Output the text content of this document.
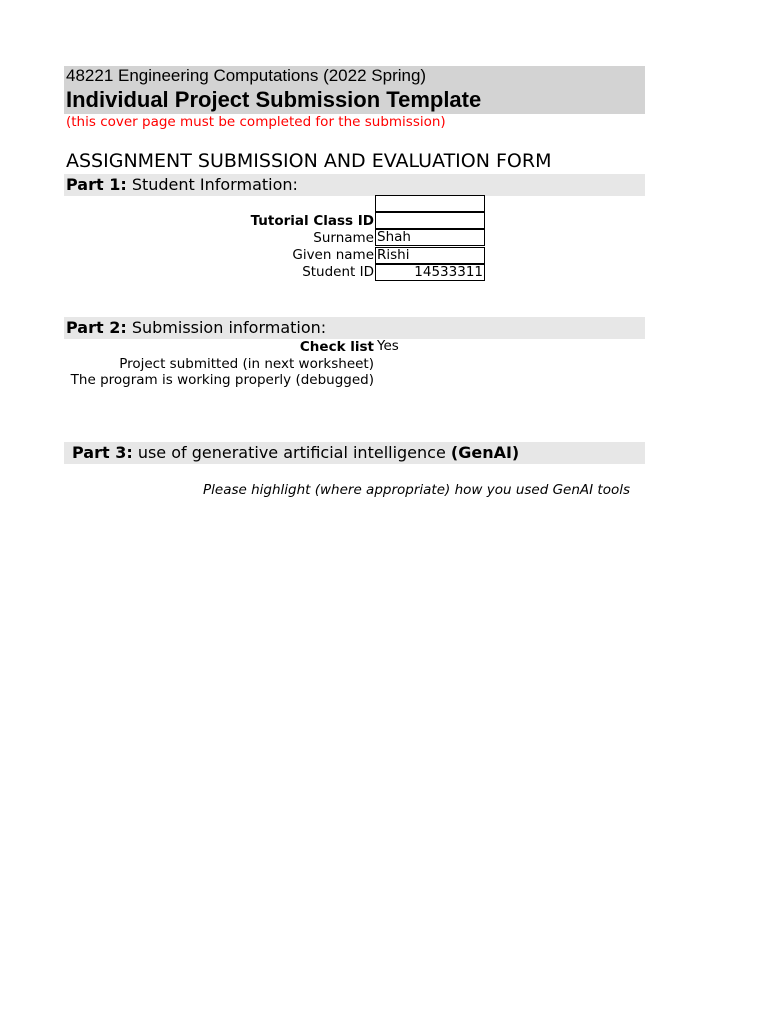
48221 Engineering Computations (2022 Spring)
Individual Project Submission Template
(this cover page must be completed for the submission)
ASSIGNMENT SUBMISSION AND EVALUATION FORM
Part 1: Student Information:
Tutorial Class ID
Surname Shah
Given name Rishi
Student ID	14533311
Part 2: Submission information:
Check list Yes
Project submitted (in next worksheet)
The program is working properly (debugged)
Part 3: use of generative artificial intelligence (GenAI)
Please highlight (where appropriate) how you used GenAI tools
